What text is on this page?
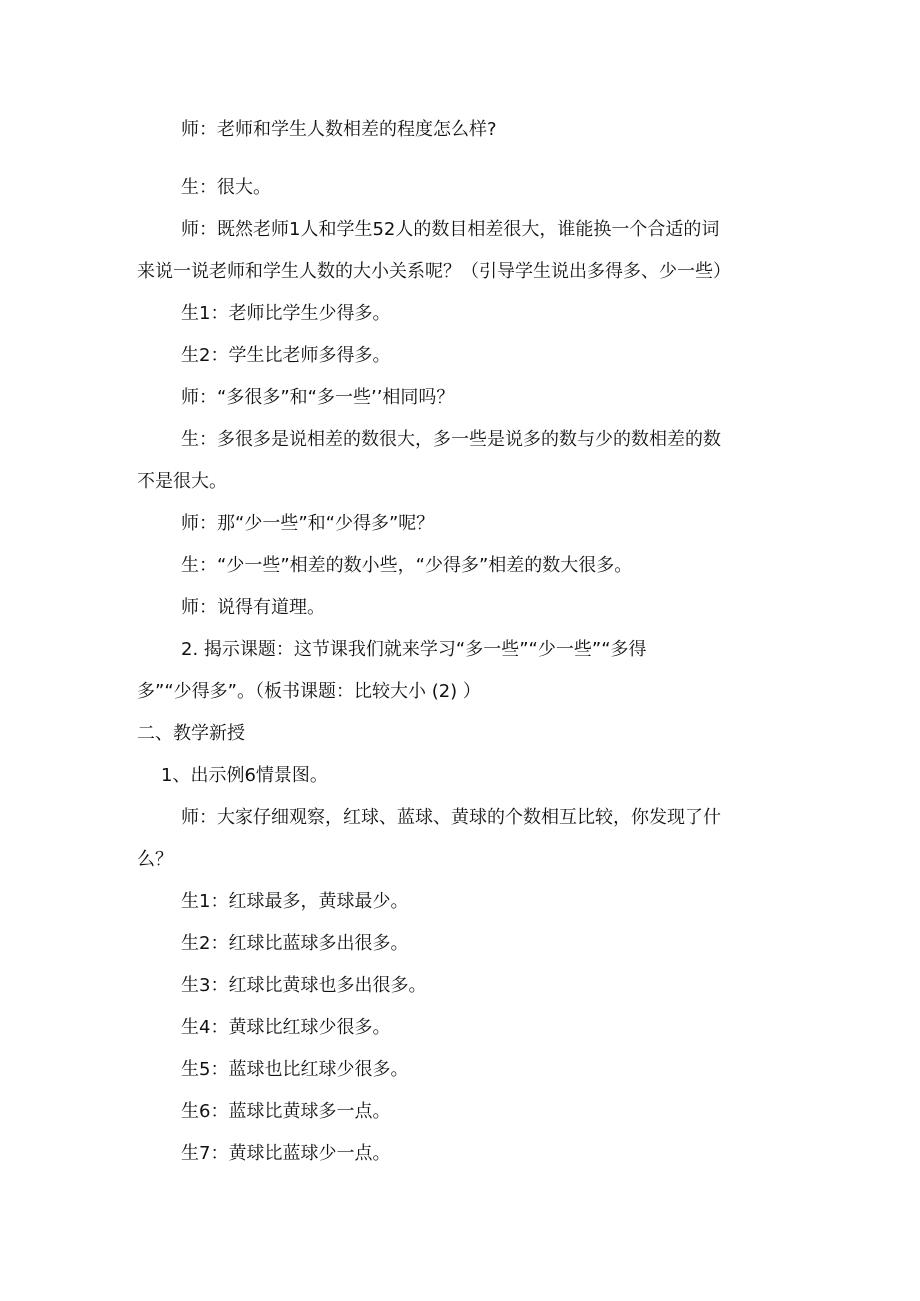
师：老师和学生人数相差的程度怎么样?

生：很大。

师：既然老师1人和学生52人的数目相差很大，谁能换一个合适的词

来说一说老师和学生人数的大小关系呢？（引导学生说出多得多、少一些）

生1：老师比学生少得多。

生2：学生比老师多得多。

师：“多很多”和“多一些’’相同吗？

生：多很多是说相差的数很大，多一些是说多的数与少的数相差的数

不是很大。

师：那“少一些”和“少得多”呢？

生：“少一些”相差的数小些，“少得多”相差的数大很多。

师：说得有道理。

2. 揭示课题：这节课我们就来学习“多一些”“少一些”“多得

多”“少得多”。（板书课题：比较大小 (2) ）

二、教学新授

1、出示例6情景图。

师：大家仔细观察，红球、蓝球、黄球的个数相互比较，你发现了什

么？

生1：红球最多，黄球最少。

生2：红球比蓝球多出很多。

生3：红球比黄球也多出很多。

生4：黄球比红球少很多。

生5：蓝球也比红球少很多。

生6：蓝球比黄球多一点。

生7：黄球比蓝球少一点。
